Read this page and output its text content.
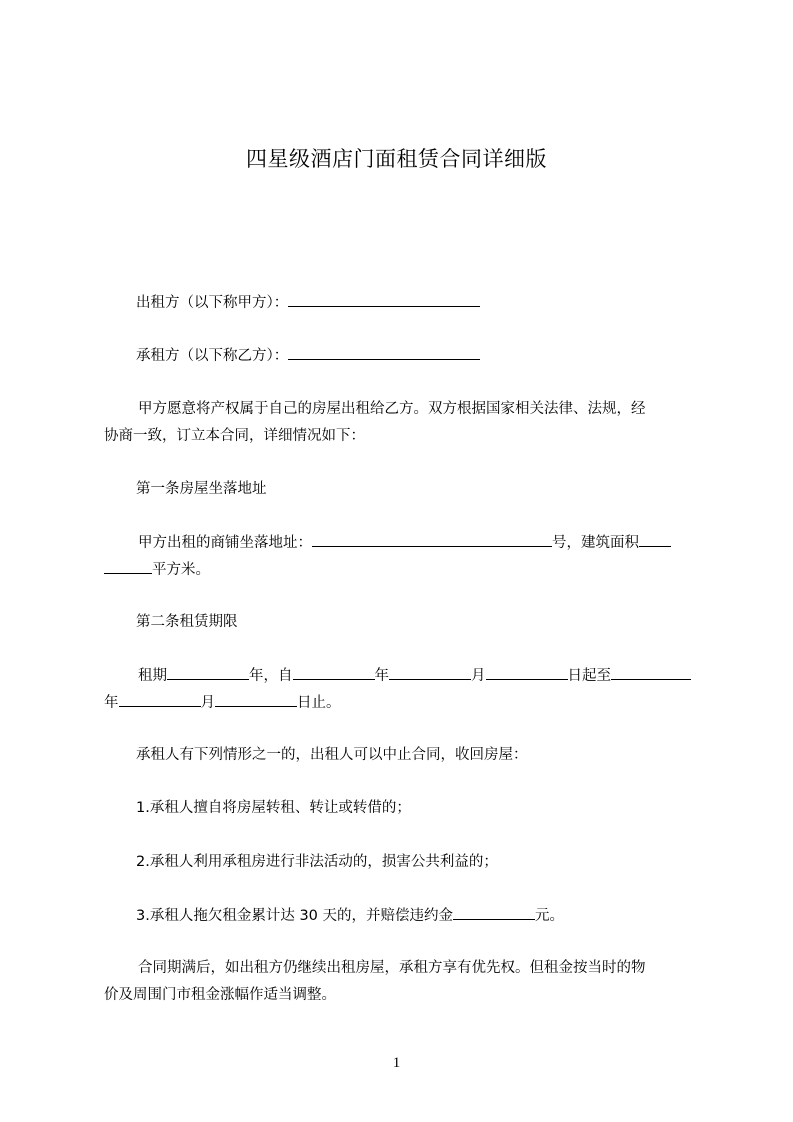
四星级酒店门面租赁合同详细版
出租方（以下称甲方）：
承租方（以下称乙方）：
甲方愿意将产权属于自己的房屋出租给乙方。双方根据国家相关法律、法规，经
协商一致，订立本合同，详细情况如下：
第一条房屋坐落地址
甲方出租的商铺坐落地址：	号，建筑面积
平方米。
第二条租赁期限
租期	年，自	年	月	日起至
年	月	日止。
承租人有下列情形之一的，出租人可以中止合同，收回房屋：
1.承租人擅自将房屋转租、转让或转借的；
2.承租人利用承租房进行非法活动的，损害公共利益的；
3.承租人拖欠租金累计达 30 天的，并赔偿违约金	元。
合同期满后，如出租方仍继续出租房屋，承租方享有优先权。但租金按当时的物
价及周围门市租金涨幅作适当调整。
1
